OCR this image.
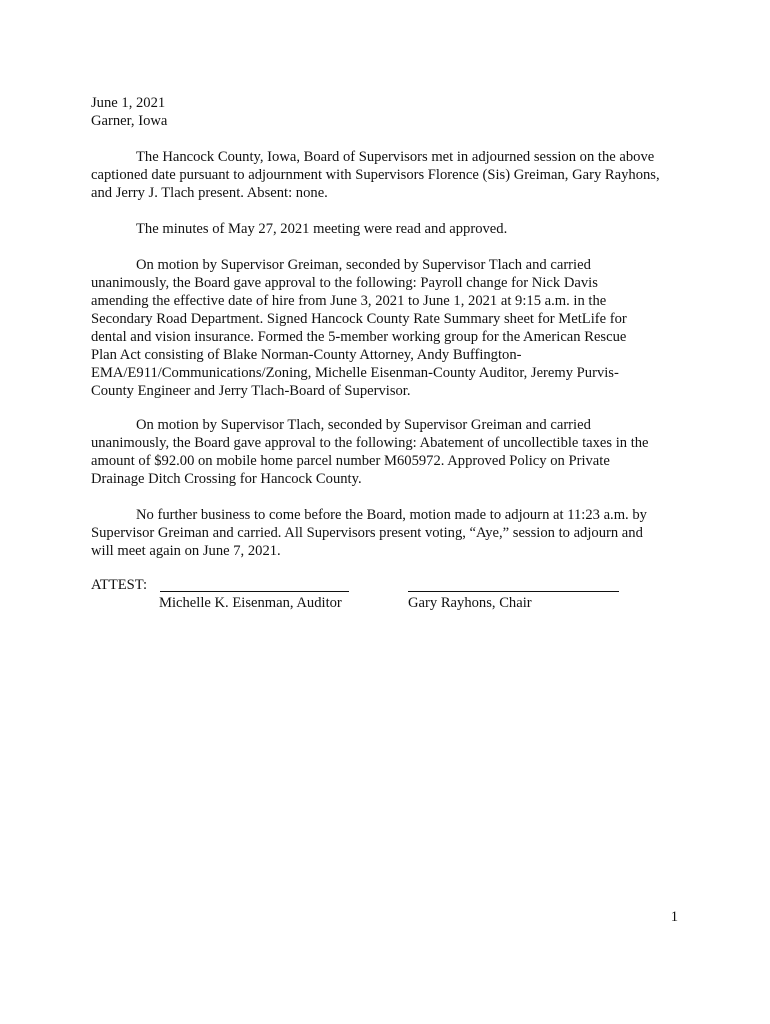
June 1, 2021
Garner, Iowa
The Hancock County, Iowa, Board of Supervisors met in adjourned session on the above
captioned date pursuant to adjournment with Supervisors Florence (Sis) Greiman, Gary Rayhons,
and Jerry J. Tlach present. Absent: none.
The minutes of May 27, 2021 meeting were read and approved.
On motion by Supervisor Greiman, seconded by Supervisor Tlach and carried
unanimously, the Board gave approval to the following: Payroll change for Nick Davis
amending the effective date of hire from June 3, 2021 to June 1, 2021 at 9:15 a.m. in the
Secondary Road Department. Signed Hancock County Rate Summary sheet for MetLife for
dental and vision insurance. Formed the 5-member working group for the American Rescue
Plan Act consisting of Blake Norman-County Attorney, Andy Buffington-
EMA/E911/Communications/Zoning, Michelle Eisenman-County Auditor, Jeremy Purvis-
County Engineer and Jerry Tlach-Board of Supervisor.
On motion by Supervisor Tlach, seconded by Supervisor Greiman and carried
unanimously, the Board gave approval to the following: Abatement of uncollectible taxes in the
amount of $92.00 on mobile home parcel number M605972. Approved Policy on Private
Drainage Ditch Crossing for Hancock County.
No further business to come before the Board, motion made to adjourn at 11:23 a.m. by
Supervisor Greiman and carried. All Supervisors present voting, “Aye,” session to adjourn and
will meet again on June 7, 2021.
ATTEST:
Michelle K. Eisenman, Auditor	Gary Rayhons, Chair
1
